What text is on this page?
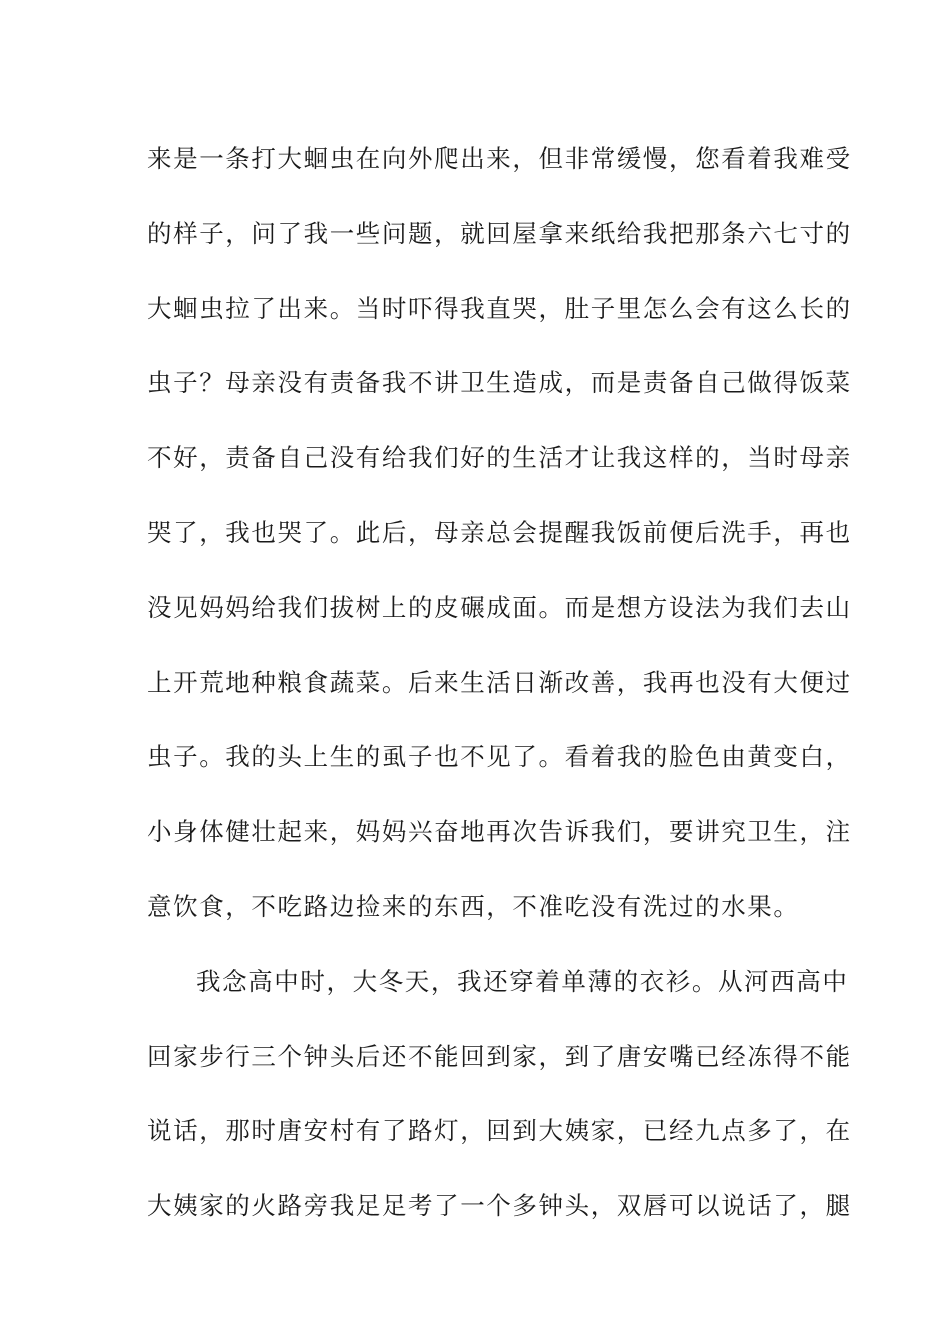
来是一条打大蛔虫在向外爬出来，但非常缓慢，您看着我难受
的样子，问了我一些问题，就回屋拿来纸给我把那条六七寸的
大蛔虫拉了出来。当时吓得我直哭，肚子里怎么会有这么长的
虫子？母亲没有责备我不讲卫生造成，而是责备自己做得饭菜
不好，责备自己没有给我们好的生活才让我这样的，当时母亲
哭了，我也哭了。此后，母亲总会提醒我饭前便后洗手，再也
没见妈妈给我们拔树上的皮碾成面。而是想方设法为我们去山
上开荒地种粮食蔬菜。后来生活日渐改善，我再也没有大便过
虫子。我的头上生的虱子也不见了。看着我的脸色由黄变白，
小身体健壮起来，妈妈兴奋地再次告诉我们，要讲究卫生，注
意饮食，不吃路边捡来的东西，不准吃没有洗过的水果。
我念高中时，大冬天，我还穿着单薄的衣衫。从河西高中
回家步行三个钟头后还不能回到家，到了唐安嘴已经冻得不能
说话，那时唐安村有了路灯，回到大姨家，已经九点多了，在
大姨家的火路旁我足足考了一个多钟头，双唇可以说话了，腿
